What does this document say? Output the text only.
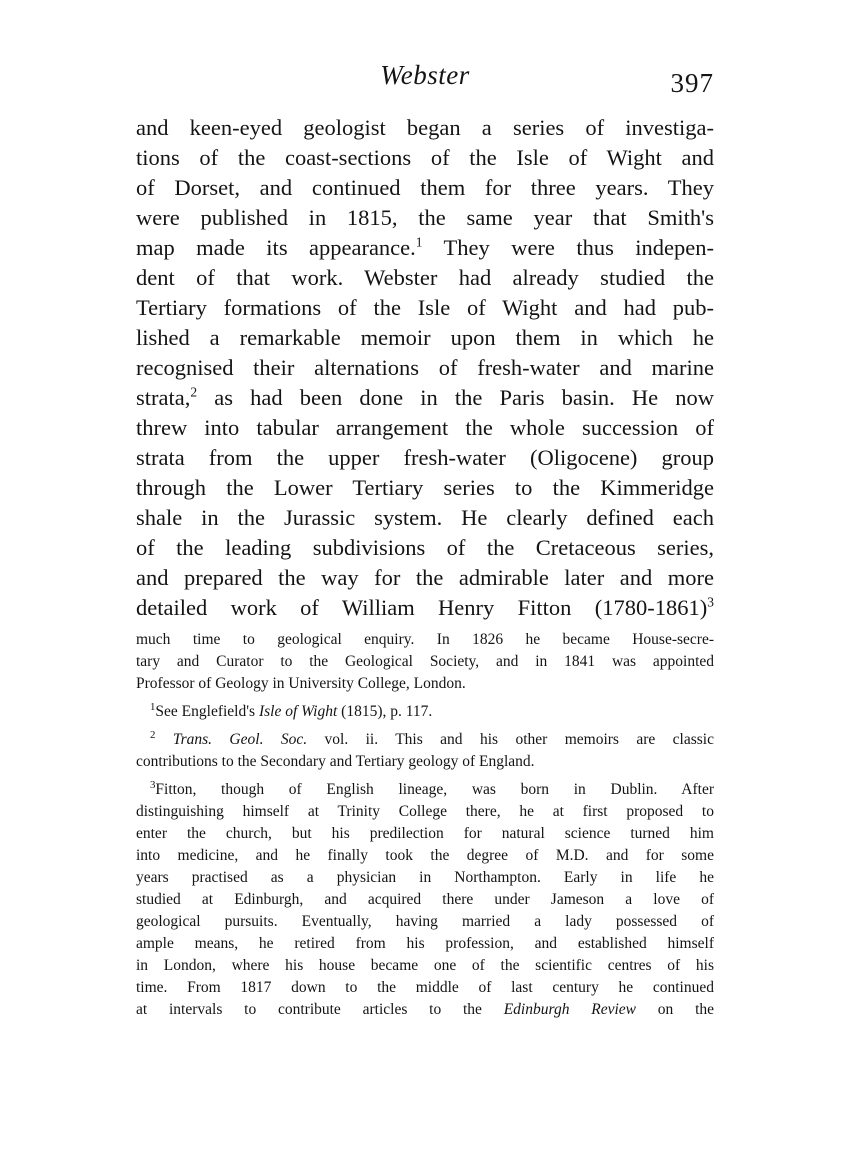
Webster	397
and keen-eyed geologist began a series of investiga-
tions of the coast-sections of the Isle of Wight and
of Dorset, and continued them for three years. They
were published in 1815, the same year that Smith's
map made its appearance.$^1$ They were thus indepen-
dent of that work. Webster had already studied the
Tertiary formations of the Isle of Wight and had pub-
lished a remarkable memoir upon them in which he
recognised their alternations of fresh-water and marine
strata,$^2$ as had been done in the Paris basin. He now
threw into tabular arrangement the whole succession of
strata from the upper fresh-water (Oligocene) group
through the Lower Tertiary series to the Kimmeridge
shale in the Jurassic system. He clearly defined each
of the leading subdivisions of the Cretaceous series,
and prepared the way for the admirable later and more
detailed work of William Henry Fitton (1780-1861)$^3$
much time to geological enquiry. In 1826 he became House-secre-
tary and Curator to the Geological Society, and in 1841 was appointed
Professor of Geology in University College, London.
$^1$See Englefield's Isle of Wight (1815), p. 117.
$^2$ Trans. Geol. Soc. vol. ii. This and his other memoirs are classic
contributions to the Secondary and Tertiary geology of England.
$^3$Fitton, though of English lineage, was born in Dublin. After
distinguishing himself at Trinity College there, he at first proposed to
enter the church, but his predilection for natural science turned him
into medicine, and he finally took the degree of M.D. and for some
years practised as a physician in Northampton. Early in life he
studied at Edinburgh, and acquired there under Jameson a love of
geological pursuits. Eventually, having married a lady possessed of
ample means, he retired from his profession, and established himself
in London, where his house became one of the scientific centres of his
time. From 1817 down to the middle of last century he continued
at intervals to contribute articles to the Edinburgh Review on the
